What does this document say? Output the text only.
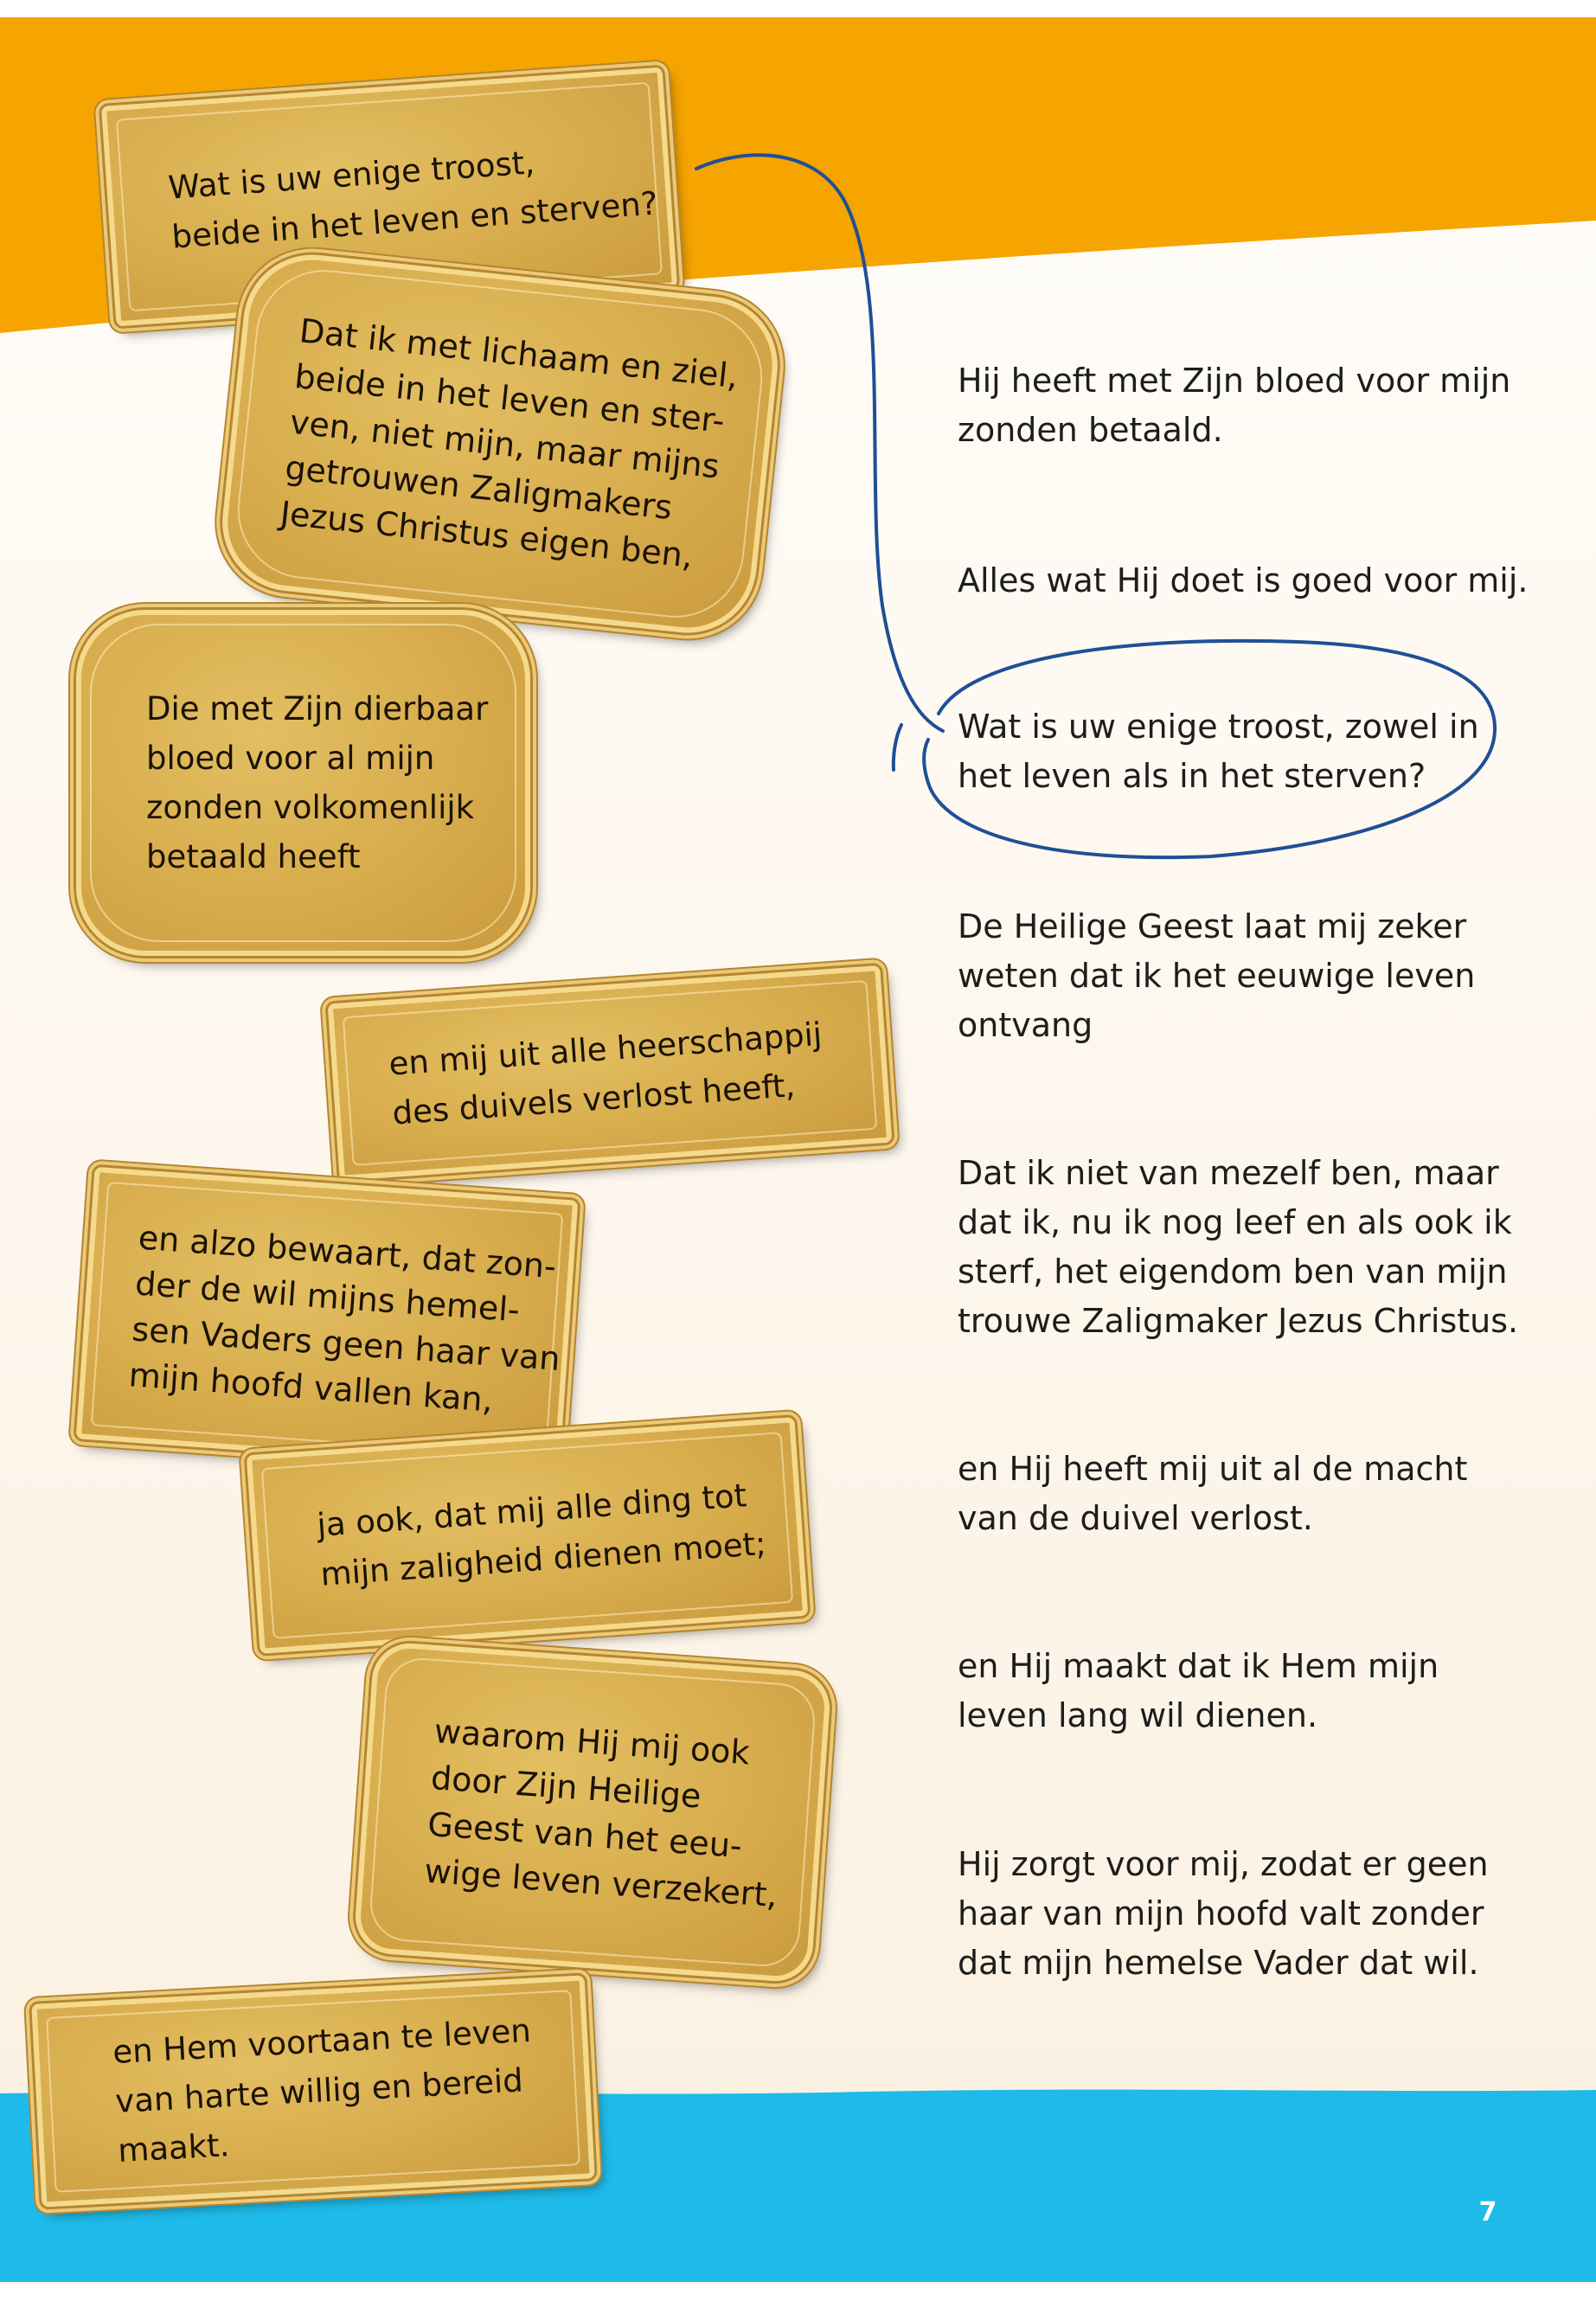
Wat is uw enige troost,
beide in het leven en sterven?
Dat ik met lichaam en ziel,
beide in het leven en ster-
ven, niet mijn, maar mijns
getrouwen Zaligmakers
Jezus Christus eigen ben,
Die met Zijn dierbaar
bloed voor al mijn
zonden volkomenlijk
betaald heeft
en mij uit alle heerschappij
des duivels verlost heeft,
en alzo bewaart, dat zon-
der de wil mijns hemel-
sen Vaders geen haar van
mijn hoofd vallen kan,
ja ook, dat mij alle ding tot
mijn zaligheid dienen moet;
waarom Hij mij ook
door Zijn Heilige
Geest van het eeu-
wige leven verzekert,
en Hem voortaan te leven
van harte willig en bereid
maakt.
Hij heeft met Zijn bloed voor mijn
zonden betaald.
Alles wat Hij doet is goed voor mij.
Wat is uw enige troost, zowel in
het leven als in het sterven?
De Heilige Geest laat mij zeker
weten dat ik het eeuwige leven
ontvang
Dat ik niet van mezelf ben, maar
dat ik, nu ik nog leef en als ook ik
sterf, het eigendom ben van mijn
trouwe Zaligmaker Jezus Christus.
en Hij heeft mij uit al de macht
van de duivel verlost.
en Hij maakt dat ik Hem mijn
leven lang wil dienen.
Hij zorgt voor mij, zodat er geen
haar van mijn hoofd valt zonder
dat mijn hemelse Vader dat wil.
7
